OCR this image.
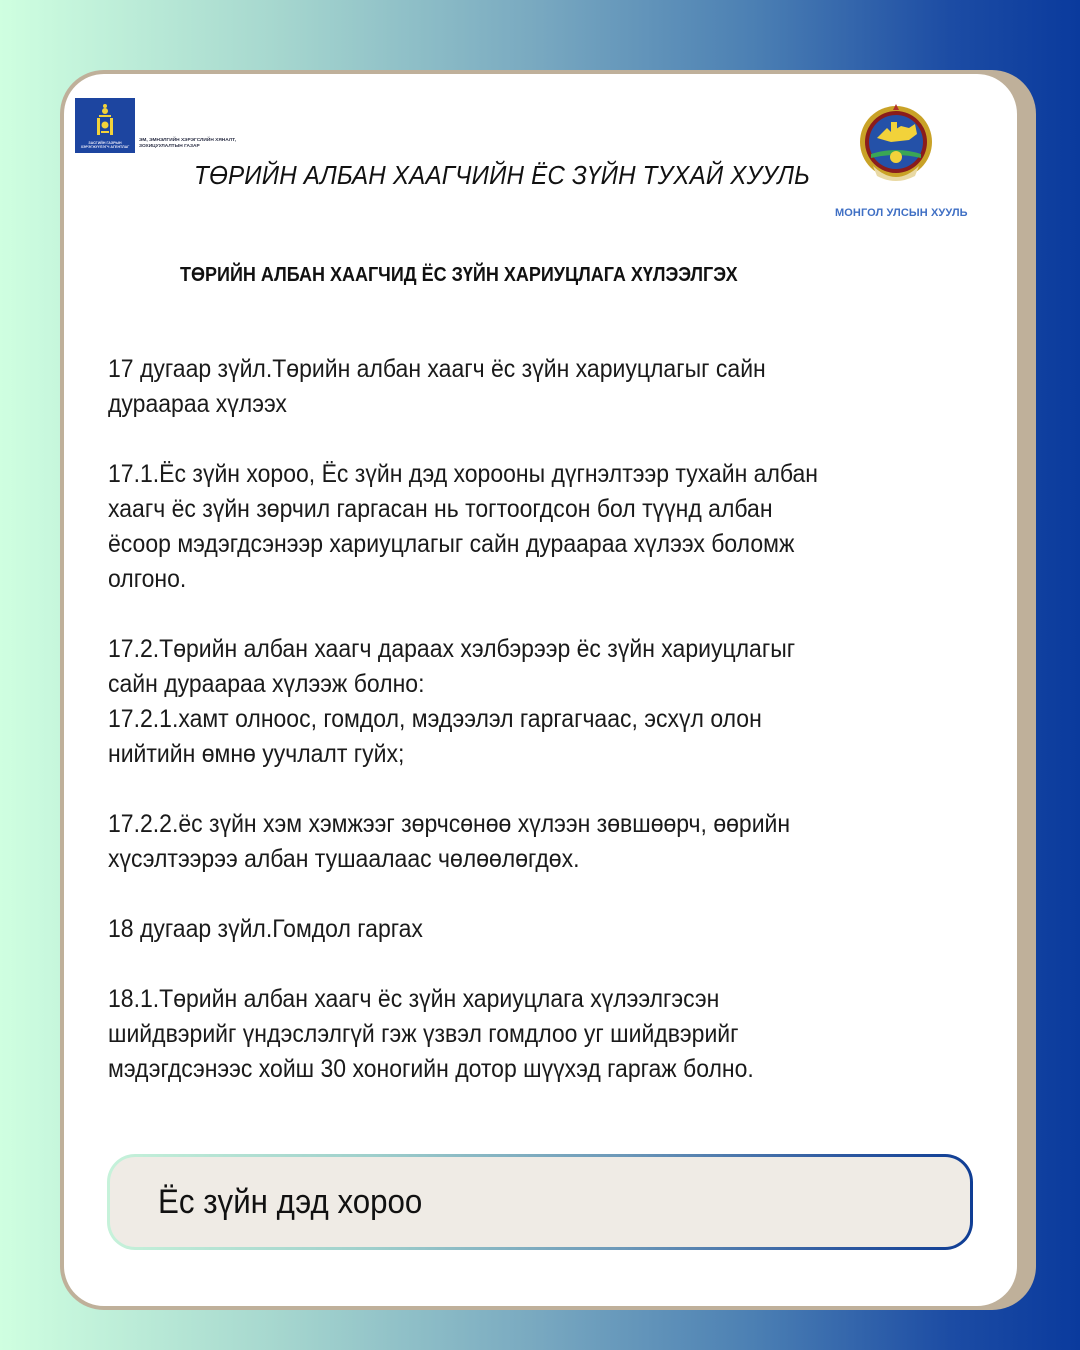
ЗАСГИЙН ГАЗРЫН ХЭРЭГЖҮҮЛЭГЧ АГЕНТЛАГ
ЭМ, ЭМНЭЛГИЙН ХЭРЭГСЛИЙН ХЯНАЛТ, ЗОХИЦУУЛАЛТЫН ГАЗАР
МОНГОЛ УЛСЫН ХУУЛЬ
ТӨРИЙН АЛБАН ХААГЧИЙН ЁС ЗҮЙН ТУХАЙ ХУУЛЬ
ТӨРИЙН АЛБАН ХААГЧИД ЁС ЗҮЙН ХАРИУЦЛАГА ХҮЛЭЭЛГЭХ
17 дугаар зүйл.Төрийн албан хаагч ёс зүйн хариуцлагыг сайн
дураараа хүлээх
17.1.Ёс зүйн хороо, Ёс зүйн дэд хорооны дүгнэлтээр тухайн албан
хаагч ёс зүйн зөрчил гаргасан нь тогтоогдсон бол түүнд албан
ёсоор мэдэгдсэнээр хариуцлагыг сайн дураараа хүлээх боломж
олгоно.
17.2.Төрийн албан хаагч дараах хэлбэрээр ёс зүйн хариуцлагыг
сайн дураараа хүлээж болно:
17.2.1.хамт олноос, гомдол, мэдээлэл гаргагчаас, эсхүл олон
нийтийн өмнө уучлалт гуйх;
17.2.2.ёс зүйн хэм хэмжээг зөрчсөнөө хүлээн зөвшөөрч, өөрийн
хүсэлтээрээ албан тушаалаас чөлөөлөгдөх.
18 дугаар зүйл.Гомдол гаргах
18.1.Төрийн албан хаагч ёс зүйн хариуцлага хүлээлгэсэн
шийдвэрийг үндэслэлгүй гэж үзвэл гомдлоо уг шийдвэрийг
мэдэгдсэнээс хойш 30 хоногийн дотор шүүхэд гаргаж болно.
Ёс зүйн дэд хороо
